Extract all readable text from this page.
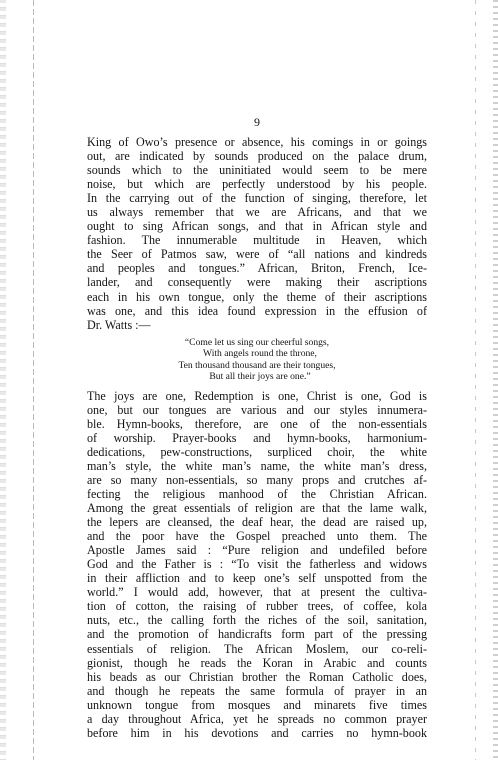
9
King of Owo’s presence or absence, his comings in or goings
out, are indicated by sounds produced on the palace drum,
sounds which to the uninitiated would seem to be mere
noise, but which are perfectly understood by his people.
In the carrying out of the function of singing, therefore, let
us always remember that we are Africans, and that we
ought to sing African songs, and that in African style and
fashion. The innumerable multitude in Heaven, which
the Seer of Patmos saw, were of “all nations and kindreds
and peoples and tongues.” African, Briton, French, Ice-
lander, and consequently were making their ascriptions
each in his own tongue, only the theme of their ascriptions
was one, and this idea found expression in the effusion of
Dr. Watts :—
“Come let us sing our cheerful songs,
With angels round the throne,
Ten thousand thousand are their tongues,
But all their joys are one.”
The joys are one, Redemption is one, Christ is one, God is
one, but our tongues are various and our styles innumera-
ble. Hymn-books, therefore, are one of the non-essentials
of worship. Prayer-books and hymn-books, harmonium-
dedications, pew-constructions, surpliced choir, the white
man’s style, the white man’s name, the white man’s dress,
are so many non-essentials, so many props and crutches af-
fecting the religious manhood of the Christian African.
Among the great essentials of religion are that the lame walk,
the lepers are cleansed, the deaf hear, the dead are raised up,
and the poor have the Gospel preached unto them. The
Apostle James said : “Pure religion and undefiled before
God and the Father is : “To visit the fatherless and widows
in their affliction and to keep one’s self unspotted from the
world.” I would add, however, that at present the cultiva-
tion of cotton, the raising of rubber trees, of coffee, kola
nuts, etc., the calling forth the riches of the soil, sanitation,
and the promotion of handicrafts form part of the pressing
essentials of religion. The African Moslem, our co-reli-
gionist, though he reads the Koran in Arabic and counts
his beads as our Christian brother the Roman Catholic does,
and though he repeats the same formula of prayer in an
unknown tongue from mosques and minarets five times
a day throughout Africa, yet he spreads no common prayer
before him in his devotions and carries no hymn-book
